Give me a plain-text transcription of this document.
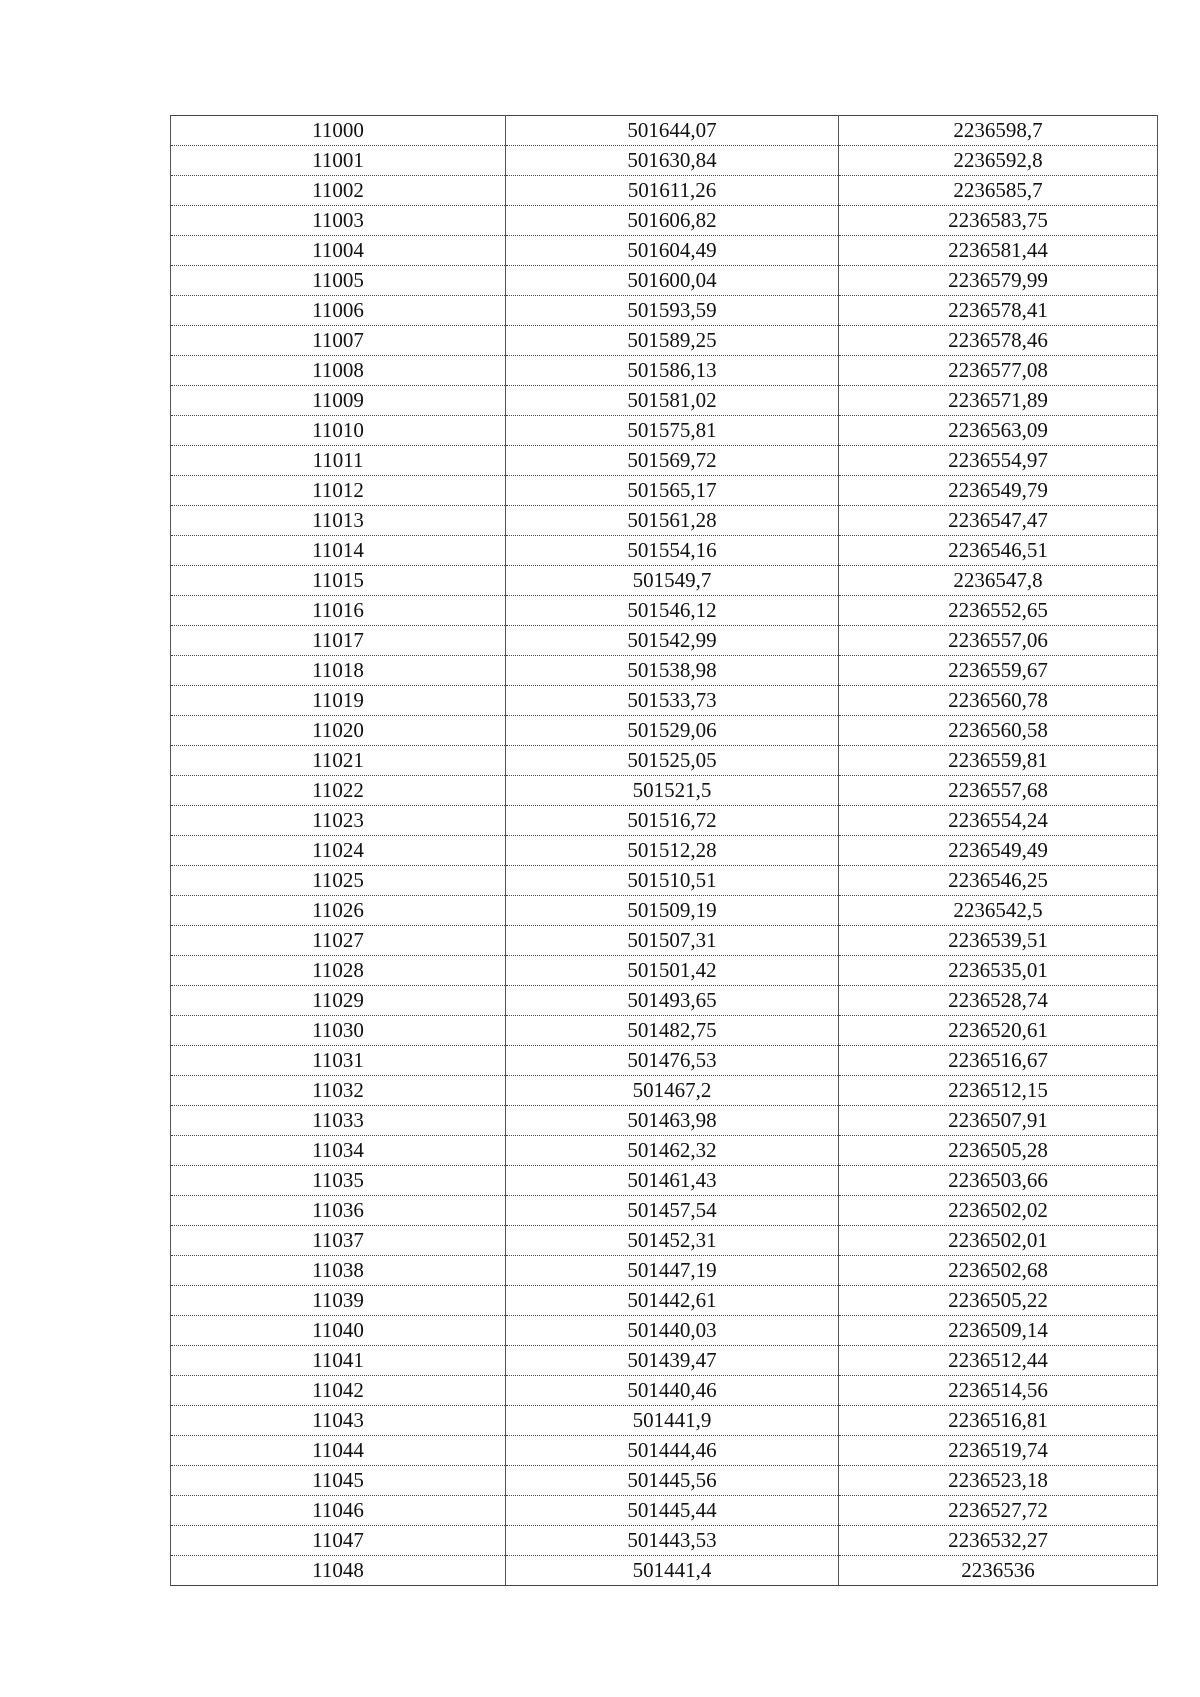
11000	501644,07	2236598,7
11001	501630,84	2236592,8
11002	501611,26	2236585,7
11003	501606,82	2236583,75
11004	501604,49	2236581,44
11005	501600,04	2236579,99
11006	501593,59	2236578,41
11007	501589,25	2236578,46
11008	501586,13	2236577,08
11009	501581,02	2236571,89
11010	501575,81	2236563,09
11011	501569,72	2236554,97
11012	501565,17	2236549,79
11013	501561,28	2236547,47
11014	501554,16	2236546,51
11015	501549,7	2236547,8
11016	501546,12	2236552,65
11017	501542,99	2236557,06
11018	501538,98	2236559,67
11019	501533,73	2236560,78
11020	501529,06	2236560,58
11021	501525,05	2236559,81
11022	501521,5	2236557,68
11023	501516,72	2236554,24
11024	501512,28	2236549,49
11025	501510,51	2236546,25
11026	501509,19	2236542,5
11027	501507,31	2236539,51
11028	501501,42	2236535,01
11029	501493,65	2236528,74
11030	501482,75	2236520,61
11031	501476,53	2236516,67
11032	501467,2	2236512,15
11033	501463,98	2236507,91
11034	501462,32	2236505,28
11035	501461,43	2236503,66
11036	501457,54	2236502,02
11037	501452,31	2236502,01
11038	501447,19	2236502,68
11039	501442,61	2236505,22
11040	501440,03	2236509,14
11041	501439,47	2236512,44
11042	501440,46	2236514,56
11043	501441,9	2236516,81
11044	501444,46	2236519,74
11045	501445,56	2236523,18
11046	501445,44	2236527,72
11047	501443,53	2236532,27
11048	501441,4	2236536
